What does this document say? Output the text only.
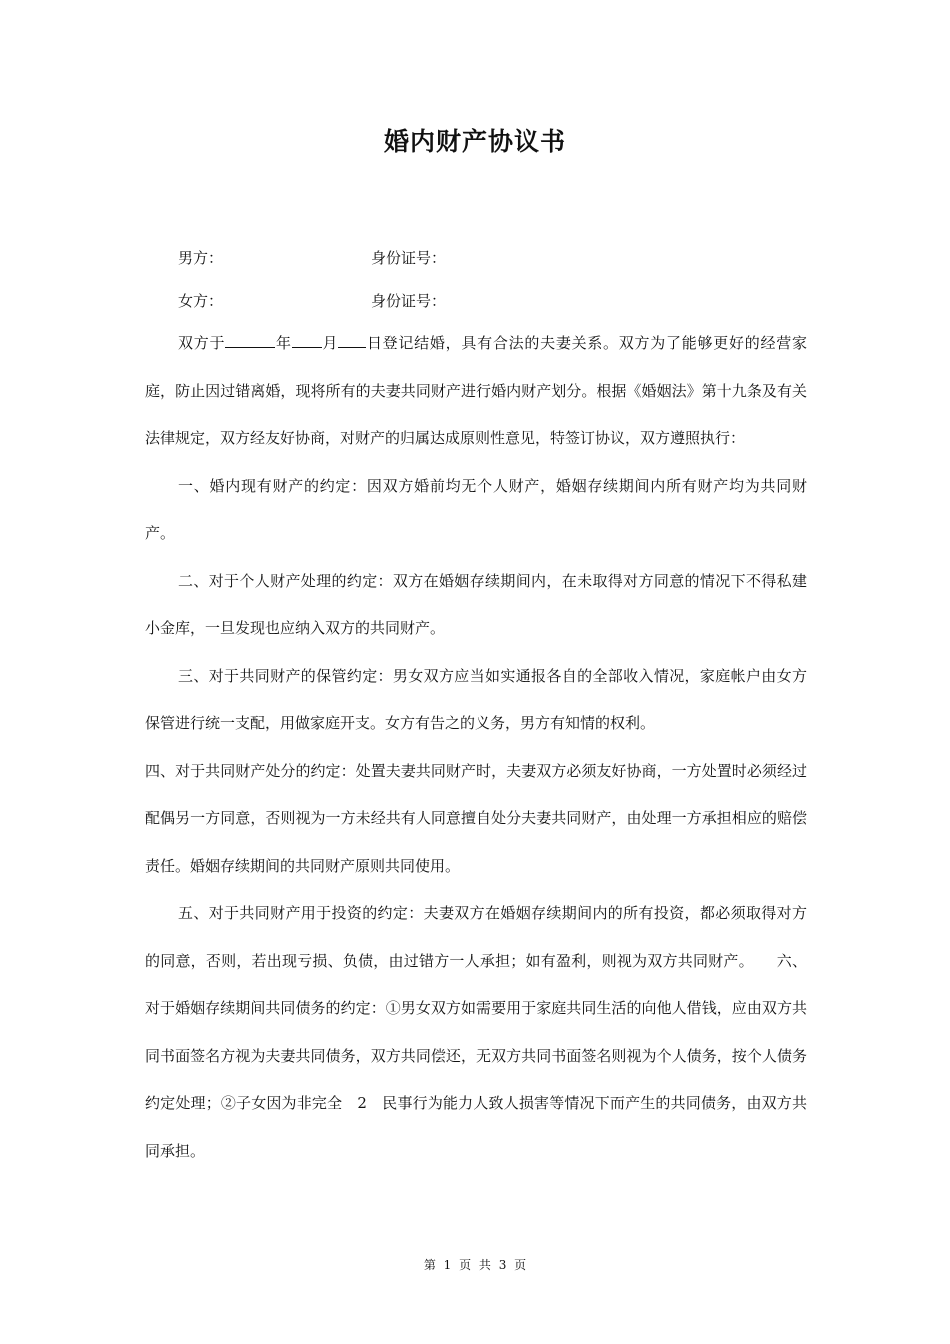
婚内财产协议书
男方：	身份证号：
女方：	身份证号：

双方于	年 月 日登记结婚，具有合法的夫妻关系。双方为了能够更好的经营家庭，防止因过错离婚，现将所有的夫妻共同财产进行婚内财产划分。根据《婚姻法》第十九条及有关法律规定，双方经友好协商，对财产的归属达成原则性意见，特签订协议，双方遵照执行：

一、婚内现有财产的约定：因双方婚前均无个人财产，婚姻存续期间内所有财产均为共同财产。

二、对于个人财产处理的约定：双方在婚姻存续期间内，在未取得对方同意的情况下不得私建小金库，一旦发现也应纳入双方的共同财产。

三、对于共同财产的保管约定：男女双方应当如实通报各自的全部收入情况，家庭帐户由女方保管进行统一支配，用做家庭开支。女方有告之的义务，男方有知情的权利。

四、对于共同财产处分的约定：处置夫妻共同财产时，夫妻双方必须友好协商，一方处置时必须经过配偶另一方同意，否则视为一方未经共有人同意擅自处分夫妻共同财产，由处理一方承担相应的赔偿责任。婚姻存续期间的共同财产原则共同使用。

五、对于共同财产用于投资的约定：夫妻双方在婚姻存续期间内的所有投资，都必须取得对方的同意，否则，若出现亏损、负债，由过错方一人承担；如有盈利，则视为双方共同财产。　　六、对于婚姻存续期间共同债务的约定：①男女双方如需要用于家庭共同生活的向他人借钱，应由双方共同书面签名方视为夫妻共同债务，双方共同偿还，无双方共同书面签名则视为个人债务，按个人债务约定处理；②子女因为非完全　2　民事行为能力人致人损害等情况下而产生的共同债务，由双方共同承担。

第 1 页 共 3 页
